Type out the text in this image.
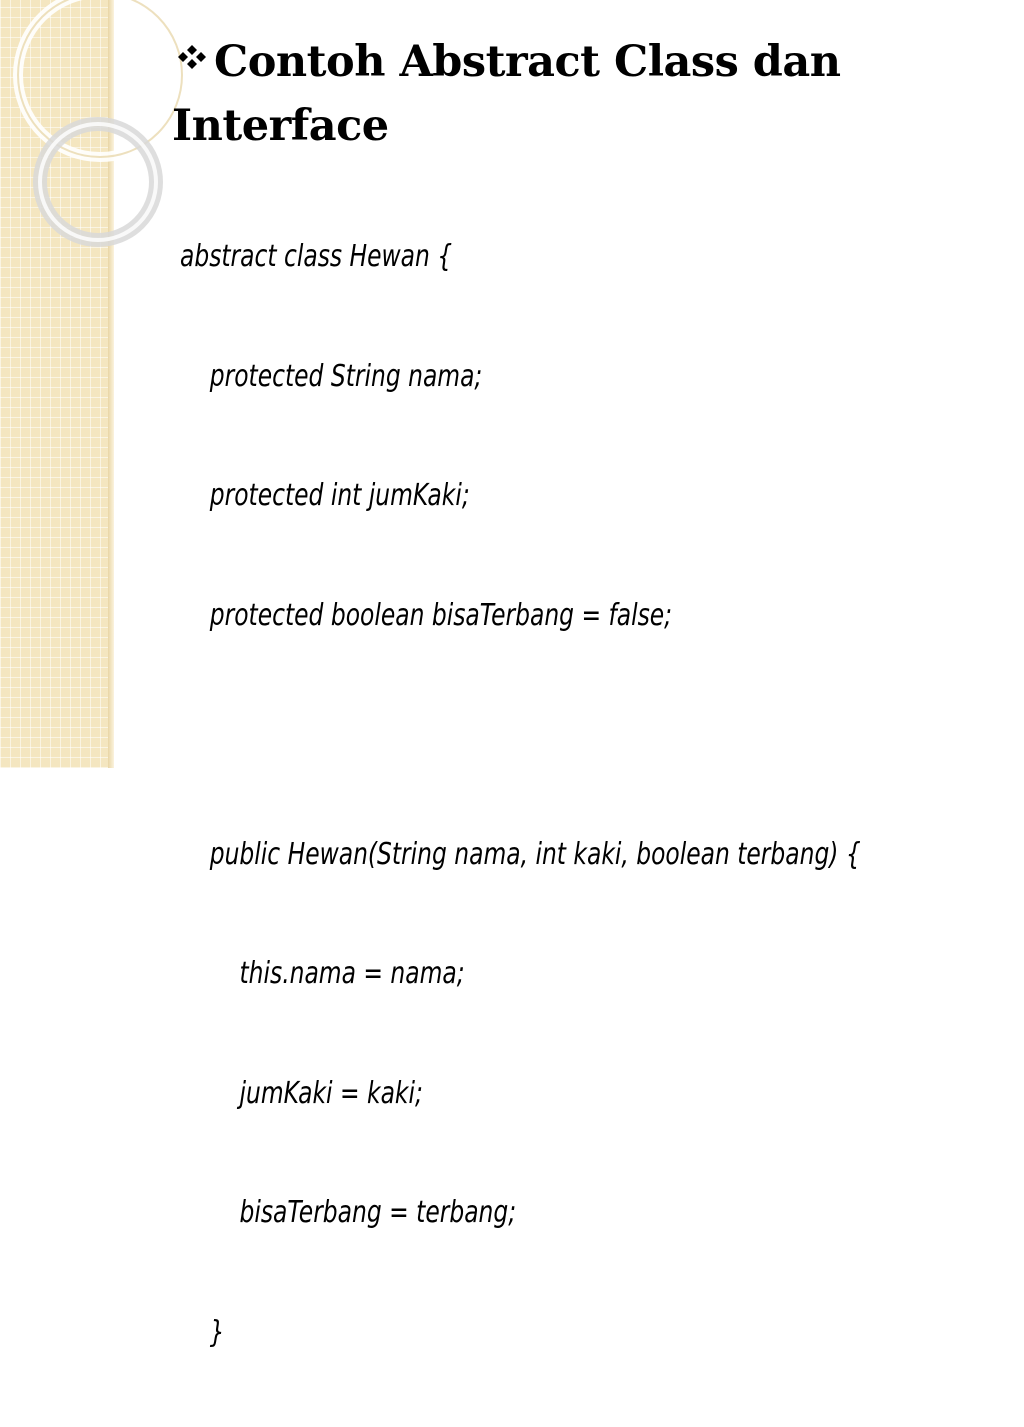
Contoh Abstract Class dan
Interface

abstract class Hewan {

protected String nama;

protected int jumKaki;

protected boolean bisaTerbang = false;

public Hewan(String nama, int kaki, boolean terbang) {

this.nama = nama;

jumKaki = kaki;

bisaTerbang = terbang;

}
